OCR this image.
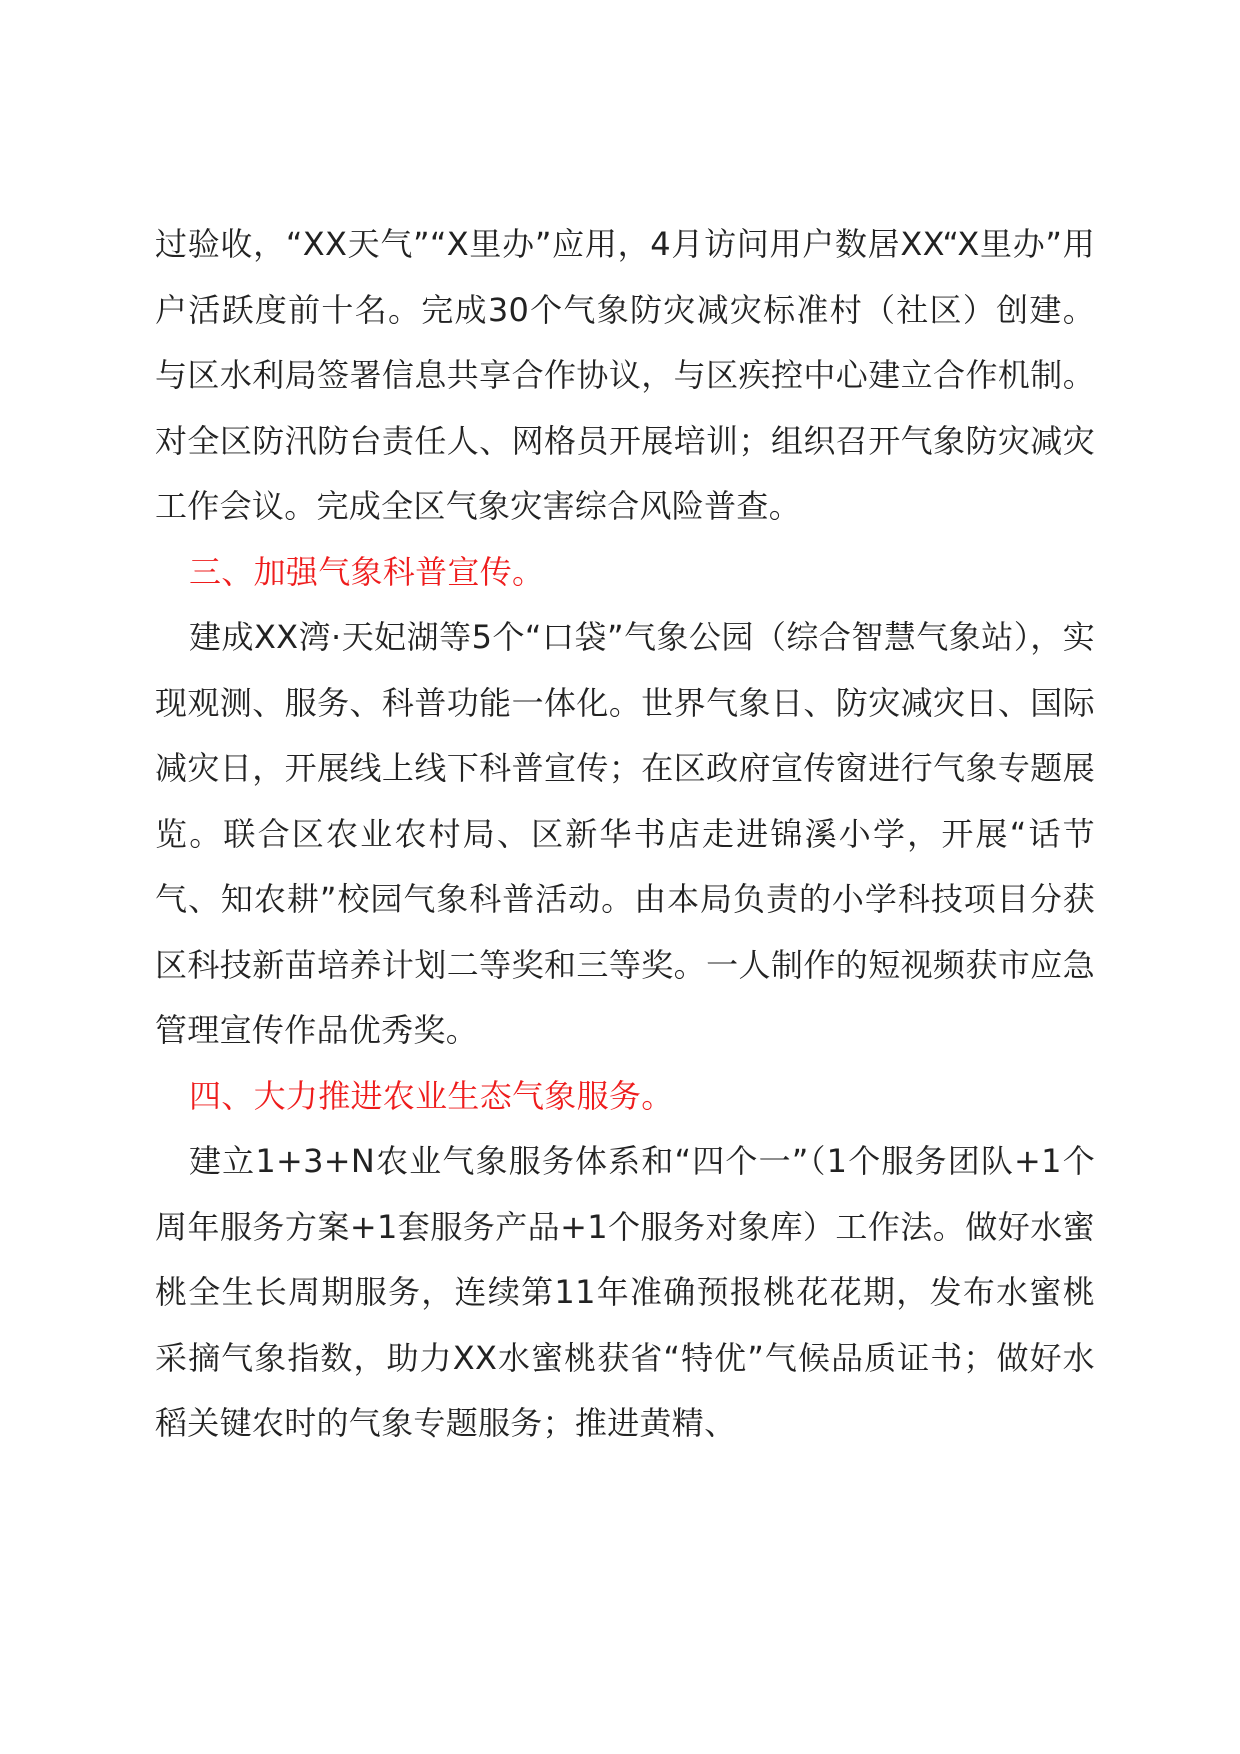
过验收，“XX天气”“X里办”应用，4月访问用户数居XX“X里办”用户活跃度前十名。完成30个气象防灾减灾标准村（社区）创建。与区水利局签署信息共享合作协议，与区疾控中心建立合作机制。对全区防汛防台责任人、网格员开展培训；组织召开气象防灾减灾工作会议。完成全区气象灾害综合风险普查。

三、加强气象科普宣传。

建成XX湾·天妃湖等5个“口袋”气象公园（综合智慧气象站），实现观测、服务、科普功能一体化。世界气象日、防灾减灾日、国际减灾日，开展线上线下科普宣传；在区政府宣传窗进行气象专题展览。联合区农业农村局、区新华书店走进锦溪小学，开展“话节气、知农耕”校园气象科普活动。由本局负责的小学科技项目分获区科技新苗培养计划二等奖和三等奖。一人制作的短视频获市应急管理宣传作品优秀奖。

四、大力推进农业生态气象服务。

建立1+3+N农业气象服务体系和“四个一”（1个服务团队+1个周年服务方案+1套服务产品+1个服务对象库）工作法。做好水蜜桃全生长周期服务，连续第11年准确预报桃花花期，发布水蜜桃采摘气象指数，助力XX水蜜桃获省“特优”气候品质证书；做好水稻关键农时的气象专题服务；推进黄精、
